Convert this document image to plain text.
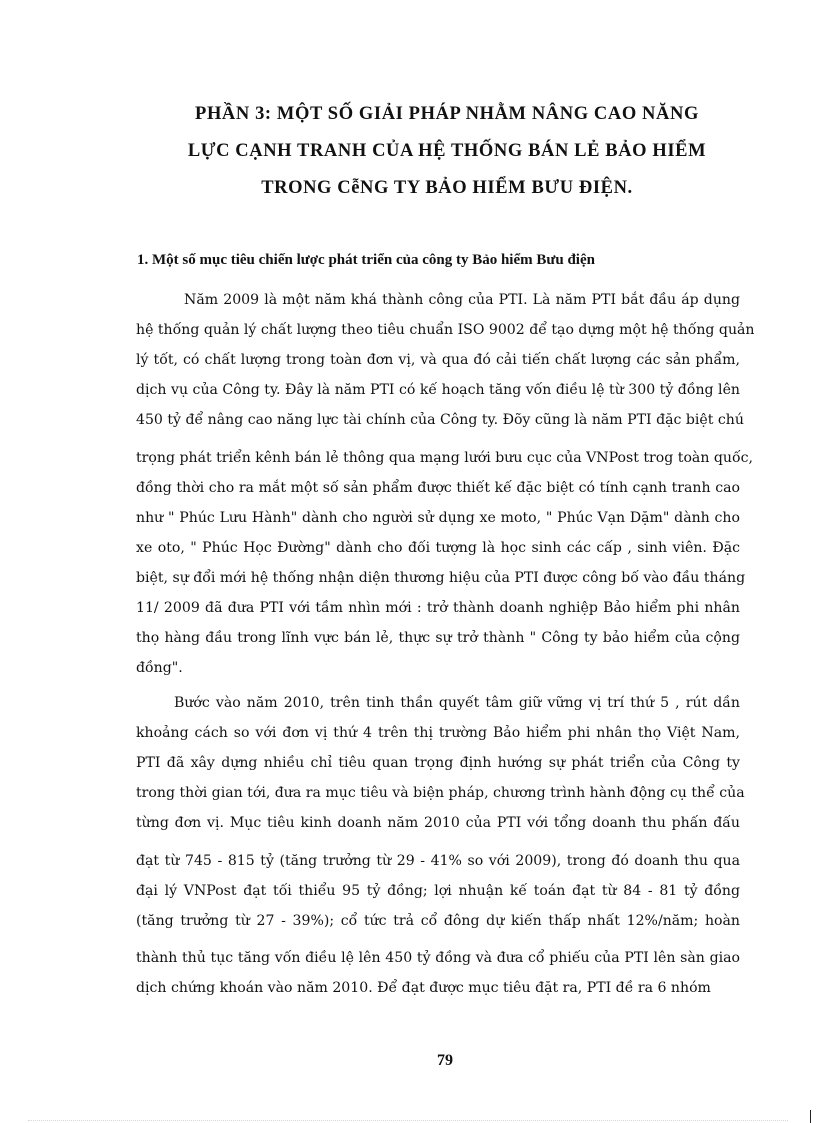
PHẦN 3: MỘT SỐ GIẢI PHÁP NHẰM NÂNG CAO NĂNG
LỰC CẠNH TRANH CỦA HỆ THỐNG BÁN LẺ BẢO HIỂM
TRONG CễNG TY BẢO HIỂM BƯU ĐIỆN.
1. Một số mục tiêu chiến lược phát triển của công ty Bảo hiểm Bưu điện

Năm 2009 là một năm khá thành công của PTI. Là năm PTI bắt đầu áp dụng

hệ thống quản lý chất lượng theo tiêu chuẩn ISO 9002 để tạo dựng một hệ thống quản

lý tốt, có chất lượng trong toàn đơn vị, và qua đó cải tiến chất lượng các sản phẩm,

dịch vụ của Công ty. Đây là năm PTI có kế hoạch tăng vốn điều lệ từ 300 tỷ đồng lên

450 tỷ để nâng cao năng lực tài chính của Công ty. Đõy cũng là năm PTI đặc biệt chú

trọng phát triển kênh bán lẻ thông qua mạng lưới bưu cục của VNPost trog toàn quốc,

đồng thời cho ra mắt một số sản phẩm được thiết kế đặc biệt có tính cạnh tranh cao

như " Phúc Lưu Hành" dành cho người sử dụng xe moto, " Phúc Vạn Dặm" dành cho

xe oto, " Phúc Học Đường" dành cho đối tượng là học sinh các cấp , sinh viên. Đặc

biệt, sự đổi mới hệ thống nhận diện thương hiệu của PTI được công bố vào đầu tháng

11/ 2009 đã đưa PTI với tầm nhìn mới : trở thành doanh nghiệp Bảo hiểm phi nhân

thọ hàng đầu trong lĩnh vực bán lẻ, thực sự trở thành " Công ty bảo hiểm của cộng

đồng".

Bước vào năm 2010, trên tinh thần quyết tâm giữ vững vị trí thứ 5 , rút dần

khoảng cách so với đơn vị thứ 4 trên thị trường Bảo hiểm phi nhân thọ Việt Nam,

PTI đã xây dựng nhiều chỉ tiêu quan trọng định hướng sự phát triển của Công ty

trong thời gian tới, đưa ra mục tiêu và biện pháp, chương trình hành động cụ thể của

từng đơn vị. Mục tiêu kinh doanh năm 2010 của PTI với tổng doanh thu phấn đấu

đạt từ 745 - 815 tỷ (tăng trưởng từ 29 - 41% so với 2009), trong đó doanh thu qua

đại lý VNPost đạt tối thiểu 95 tỷ đồng; lợi nhuận kế toán đạt từ 84 - 81 tỷ đồng

(tăng trưởng từ 27 - 39%); cổ tức trả cổ đông dự kiến thấp nhất 12%/năm; hoàn

thành thủ tục tăng vốn điều lệ lên 450 tỷ đồng và đưa cổ phiếu của PTI lên sàn giao

dịch chứng khoán vào năm 2010. Để đạt được mục tiêu đặt ra, PTI đề ra 6 nhóm

79
